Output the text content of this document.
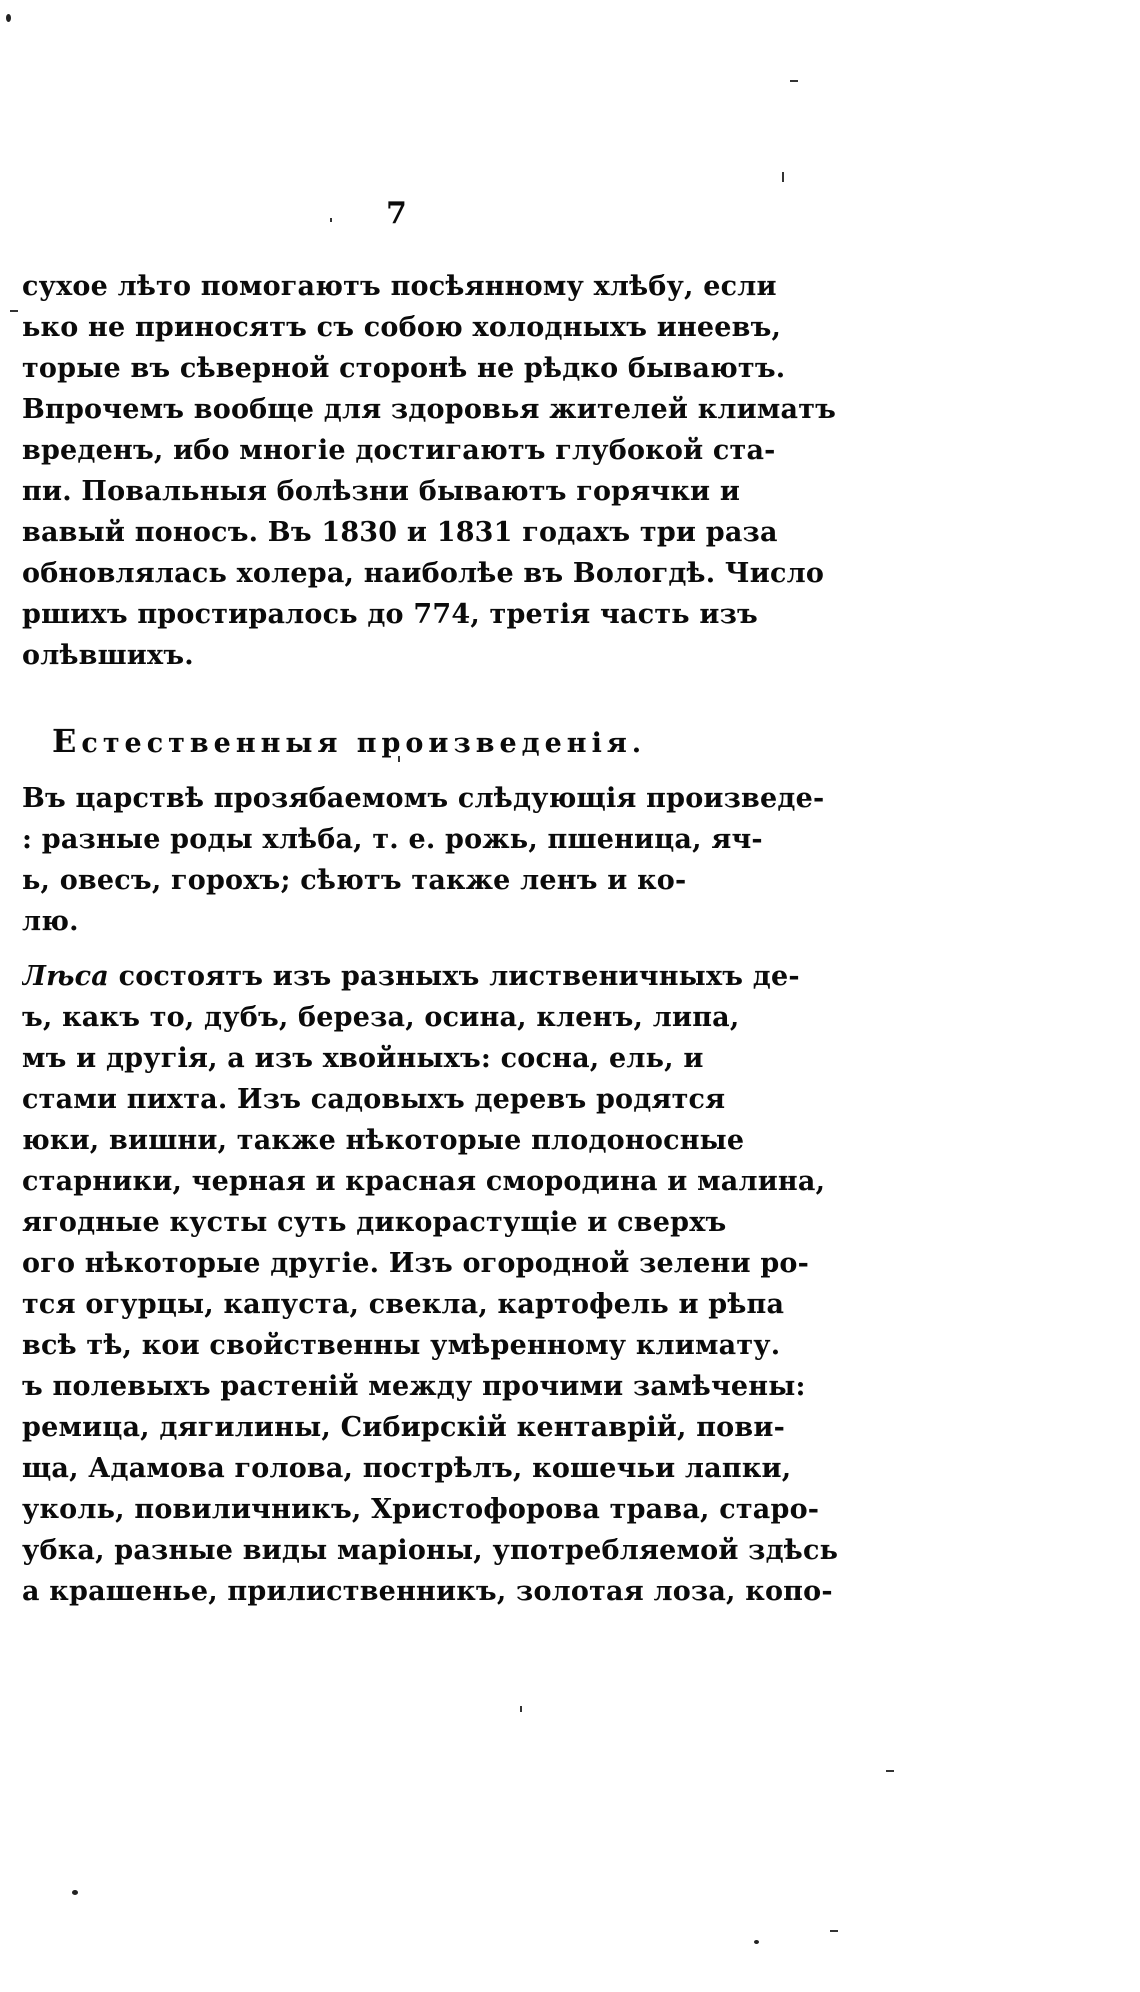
7
сухое лѣто помогаютъ посѣянному хлѣбу, если
ько не приносятъ съ собою холодныхъ инеевъ,
торые въ сѣверной сторонѣ не рѣдко бываютъ.
Впрочемъ вообще для здоровья жителей климатъ
вреденъ, ибо многіе достигаютъ глубокой ста-
пи. Повальныя болѣзни бываютъ горячки и
вавый поносъ. Въ 1830 и 1831 годахъ три раза
обновлялась холера, наиболѣе въ Вологдѣ. Число
ршихъ простиралось до 774, третія часть изъ
олѣвшихъ.
Естественныя произведенія.
Въ царствѣ прозябаемомъ слѣдующія произведе-
: разные роды хлѣба, т. е. рожь, пшеница, яч-
ь, овесъ, горохъ; сѣютъ также ленъ и ко-
лю.
Лѣса состоятъ изъ разныхъ лиственичныхъ де-
ъ, какъ то, дубъ, береза, осина, кленъ, липа,
мъ и другія, а изъ хвойныхъ: сосна, ель, и
стами пихта. Изъ садовыхъ деревъ родятся
юки, вишни, также нѣкоторые плодоносные
старники, черная и красная смородина и малина,
ягодные кусты суть дикорастущіе и сверхъ
ого нѣкоторые другіе. Изъ огородной зелени ро-
тся огурцы, капуста, свекла, картофель и рѣпа
всѣ тѣ, кои свойственны умѣренному климату.
ъ полевыхъ растеній между прочими замѣчены:
ремица, дягилины, Сибирскій кентаврій, пови-
ща, Адамова голова, пострѣлъ, кошечьи лапки,
уколь, повиличникъ, Христофорова трава, старо-
убка, разные виды маріоны, употребляемой здѣсь
а крашенье, прилиственникъ, золотая лоза, копо-
